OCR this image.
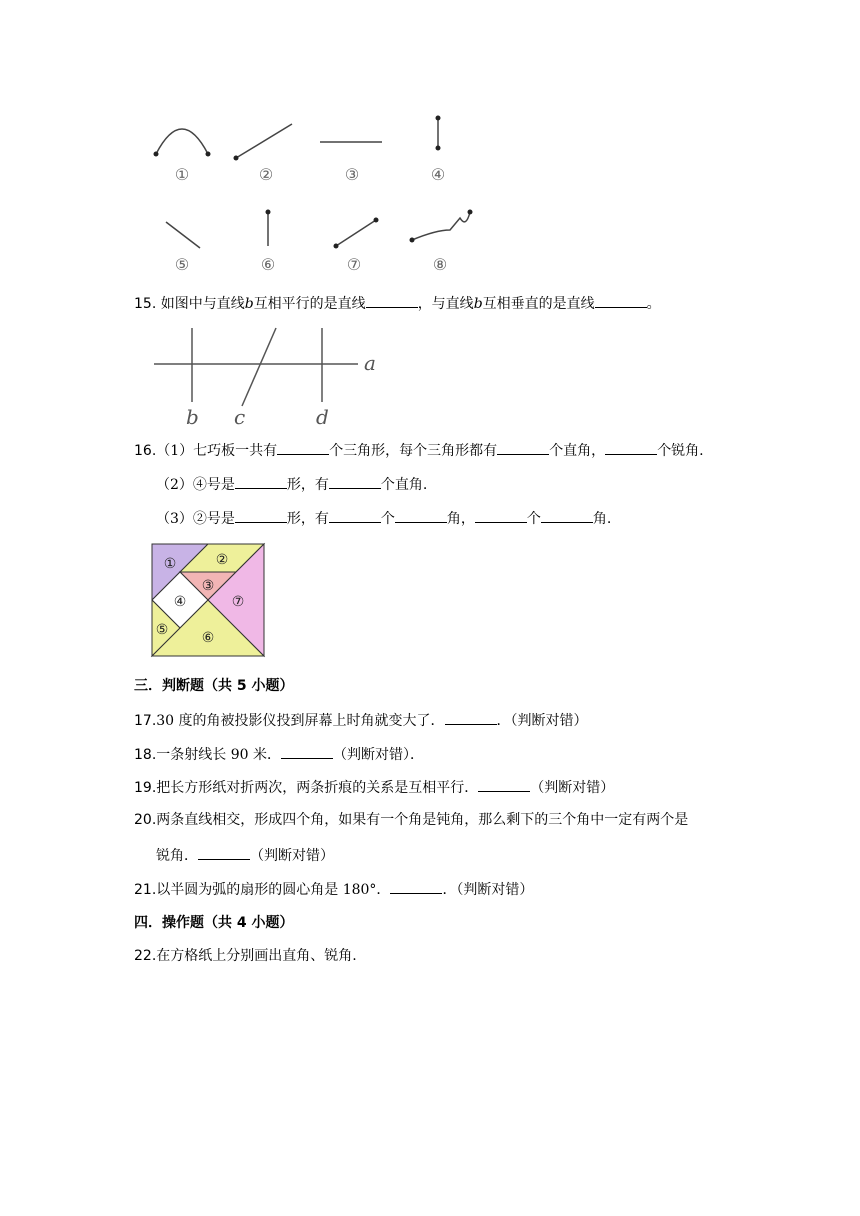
①	②	③	④
⑤	⑥	⑦	⑧
15. 如图中与直线b互相平行的是直线	，与直线b互相垂直的是直线	。
a
b c	d
16.（1）七巧板一共有	个三角形，每个三角形都有	个直角，	个锐角.
（2）④号是	形，有	个直角.
（3）②号是	形，有	个	角，	个	角.
①	②
③
④
⑤ ⑥
⑦
三．判断题（共 5 小题）
17.30 度的角被投影仪投到屏幕上时角就变大了．	．（判断对错）
18.一条射线长 90 米．	（判断对错）．
19.把长方形纸对折两次，两条折痕的关系是互相平行．	（判断对错）
20.两条直线相交，形成四个角，如果有一个角是钝角，那么剩下的三个角中一定有两个是
锐角．	（判断对错）
21.以半圆为弧的扇形的圆心角是 180°．	．（判断对错）
四．操作题（共 4 小题）
22.在方格纸上分别画出直角、锐角.
